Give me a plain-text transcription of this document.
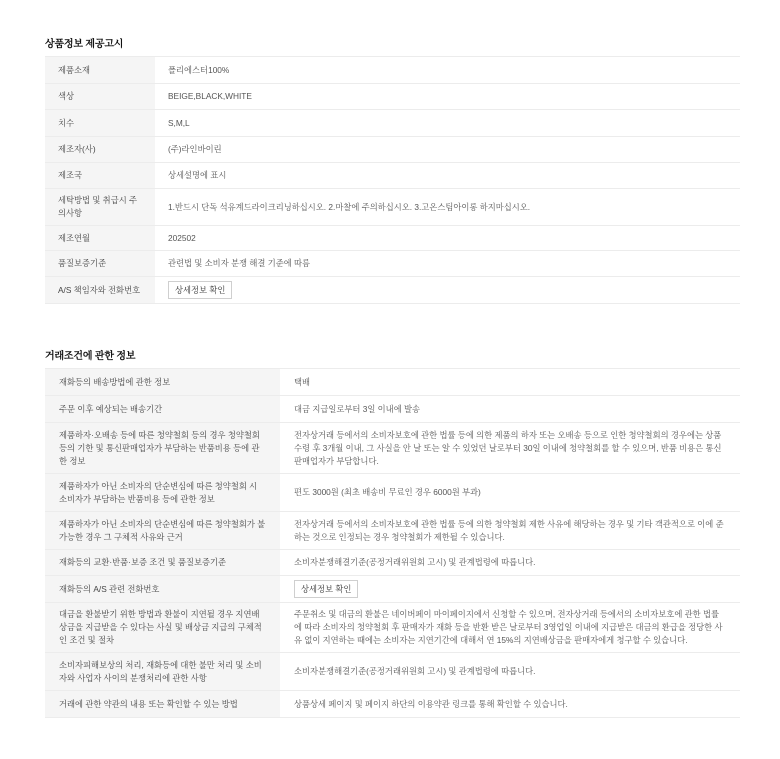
상품정보 제공고시
제품소재	폴리에스터100%
색상	BEIGE,BLACK,WHITE
치수	S,M,L
제조자(사)	(주)라인바이린
제조국	상세설명에 표시
세탁방법 및 취급시 주의사항	1.반드시 단독 석유계드라이크리닝하십시오. 2.마찰에 주의하십시오. 3.고온스팀아이롱 하지마십시오.
제조연월	202502
품질보증기준	관련법 및 소비자 분쟁 해결 기준에 따름
A/S 책임자와 전화번호	상세정보 확인
거래조건에 관한 정보
재화등의 배송방법에 관한 정보	택배
주문 이후 예상되는 배송기간	대금 지급일로부터 3일 이내에 발송
제품하자·오배송 등에 따른 청약철회 등의 경우 청약철회 등의 기한 및 통신판매업자가 부담하는 반품비용 등에 관한 정보	전자상거래 등에서의 소비자보호에 관한 법률 등에 의한 제품의 하자 또는 오배송 등으로 인한 청약철회의 경우에는 상품 수령 후 3개월 이내, 그 사실을 안 날 또는 알 수 있었던 날로부터 30일 이내에 청약철회를 할 수 있으며, 반품 비용은 통신판매업자가 부담합니다.
제품하자가 아닌 소비자의 단순변심에 따른 청약철회 시 소비자가 부담하는 반품비용 등에 관한 정보	편도 3000원 (최초 배송비 무료인 경우 6000원 부과)
제품하자가 아닌 소비자의 단순변심에 따른 청약철회가 불가능한 경우 그 구체적 사유와 근거	전자상거래 등에서의 소비자보호에 관한 법률 등에 의한 청약철회 제한 사유에 해당하는 경우 및 기타 객관적으로 이에 준하는 것으로 인정되는 경우 청약철회가 제한될 수 있습니다.
재화등의 교환·반품·보증 조건 및 품질보증기준	소비자분쟁해결기준(공정거래위원회 고시) 및 관계법령에 따릅니다.
재화등의 A/S 관련 전화번호	상세정보 확인
대금을 환불받기 위한 방법과 환불이 지연될 경우 지연배상금을 지급받을 수 있다는 사실 및 배상금 지급의 구체적인 조건 및 절차	주문취소 및 대금의 환불은 네이버페이 마이페이지에서 신청할 수 있으며, 전자상거래 등에서의 소비자보호에 관한 법률에 따라 소비자의 청약철회 후 판매자가 재화 등을 반환 받은 날로부터 3영업일 이내에 지급받은 대금의 환급을 정당한 사유 없이 지연하는 때에는 소비자는 지연기간에 대해서 연 15%의 지연배상금을 판매자에게 청구할 수 있습니다.
소비자피해보상의 처리, 재화등에 대한 불만 처리 및 소비자와 사업자 사이의 분쟁처리에 관한 사항	소비자분쟁해결기준(공정거래위원회 고시) 및 관계법령에 따릅니다.
거래에 관한 약관의 내용 또는 확인할 수 있는 방법	상품상세 페이지 및 페이지 하단의 이용약관 링크를 통해 확인할 수 있습니다.
